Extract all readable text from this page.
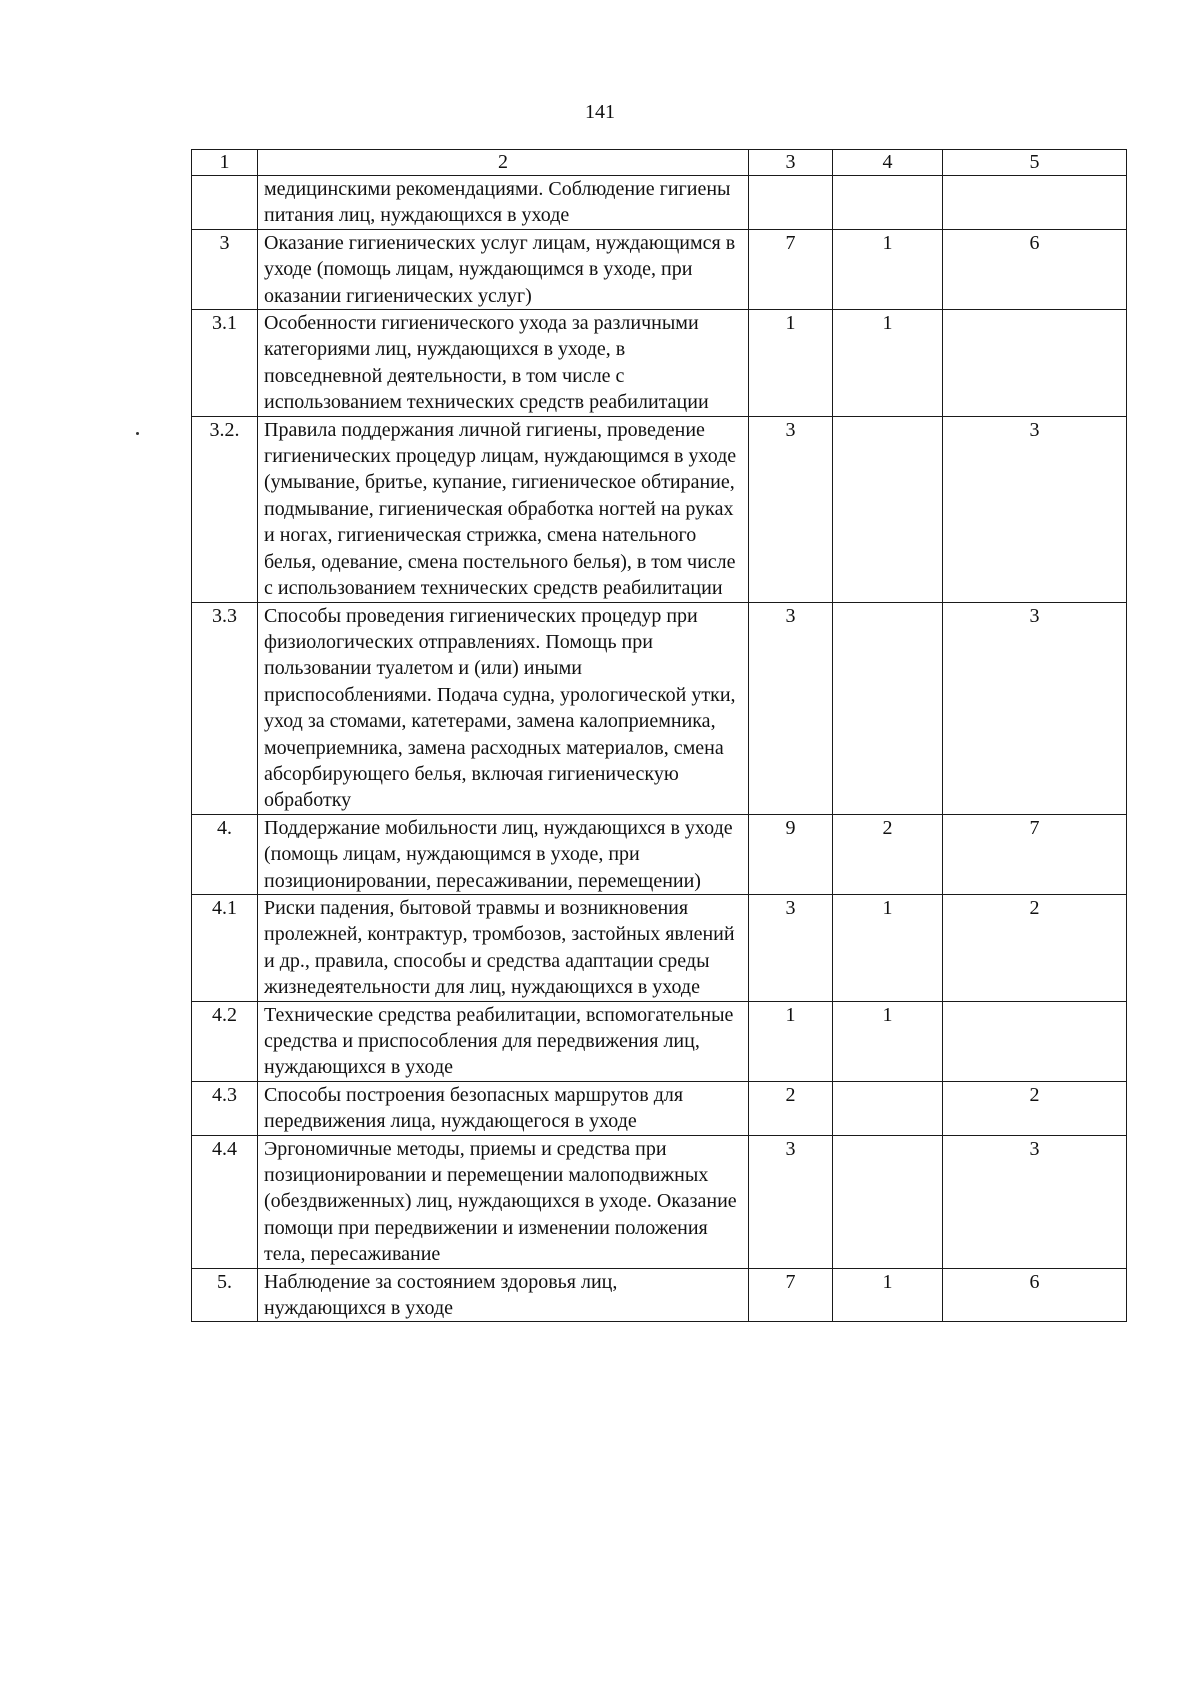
141
1	2	3	4	5
	медицинскими рекомендациями. Соблюдение гигиены питания лиц, нуждающихся в уходе			
3	Оказание гигиенических услуг лицам, нуждающимся в уходе (помощь лицам, нуждающимся в уходе, при оказании гигиенических услуг)	7	1	6
3.1	Особенности гигиенического ухода за различными категориями лиц, нуждающихся в уходе, в повседневной деятельности, в том числе с использованием технических средств реабилитации	1	1	
3.2.	Правила поддержания личной гигиены, проведение гигиенических процедур лицам, нуждающимся в уходе (умывание, бритье, купание, гигиеническое обтирание, подмывание, гигиеническая обработка ногтей на руках и ногах, гигиеническая стрижка, смена нательного белья, одевание, смена постельного белья), в том числе с использованием технических средств реабилитации	3		3
3.3	Способы проведения гигиенических процедур при физиологических отправлениях. Помощь при пользовании туалетом и (или) иными приспособлениями. Подача судна, урологической утки, уход за стомами, катетерами, замена калоприемника, мочеприемника, замена расходных материалов, смена абсорбирующего белья, включая гигиеническую обработку	3		3
4.	Поддержание мобильности лиц, нуждающихся в уходе (помощь лицам, нуждающимся в уходе, при позиционировании, пересаживании, перемещении)	9	2	7
4.1	Риски падения, бытовой травмы и возникновения пролежней, контрактур, тромбозов, застойных явлений и др., правила, способы и средства адаптации среды жизнедеятельности для лиц, нуждающихся в уходе	3	1	2
4.2	Технические средства реабилитации, вспомогательные средства и приспособления для передвижения лиц, нуждающихся в уходе	1	1	
4.3	Способы построения безопасных маршрутов для передвижения лица, нуждающегося в уходе	2		2
4.4	Эргономичные методы, приемы и средства при позиционировании и перемещении малоподвижных (обездвиженных) лиц, нуждающихся в уходе. Оказание помощи при передвижении и изменении положения тела, пересаживание	3		3
5.	Наблюдение за состоянием здоровья лиц, нуждающихся в уходе	7	1	6
